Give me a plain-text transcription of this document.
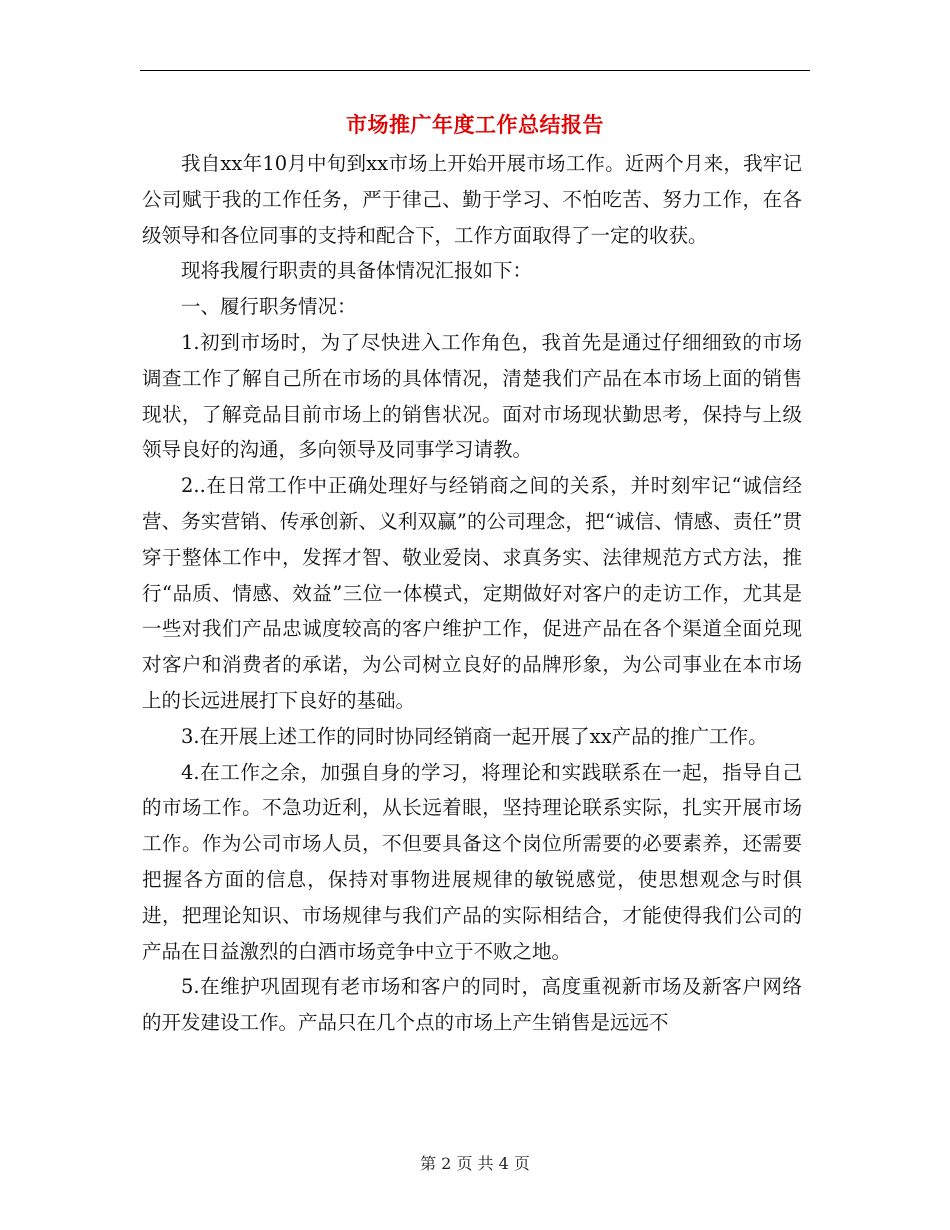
市场推广年度工作总结报告

我自xx年10月中旬到xx市场上开始开展市场工作。近两个月来，我牢记公司赋于我的工作任务，严于律己、勤于学习、不怕吃苦、努力工作，在各级领导和各位同事的支持和配合下，工作方面取得了一定的收获。

现将我履行职责的具备体情况汇报如下：

一、履行职务情况：

1.初到市场时，为了尽快进入工作角色，我首先是通过仔细细致的市场调查工作了解自己所在市场的具体情况，清楚我们产品在本市场上面的销售现状，了解竞品目前市场上的销售状况。面对市场现状勤思考，保持与上级领导良好的沟通，多向领导及同事学习请教。

2..在日常工作中正确处理好与经销商之间的关系，并时刻牢记“诚信经营、务实营销、传承创新、义利双赢”的公司理念，把“诚信、情感、责任”贯穿于整体工作中，发挥才智、敬业爱岗、求真务实、法律规范方式方法，推行“品质、情感、效益”三位一体模式，定期做好对客户的走访工作，尤其是一些对我们产品忠诚度较高的客户维护工作，促进产品在各个渠道全面兑现对客户和消费者的承诺，为公司树立良好的品牌形象，为公司事业在本市场上的长远进展打下良好的基础。

3.在开展上述工作的同时协同经销商一起开展了xx产品的推广工作。

4.在工作之余，加强自身的学习，将理论和实践联系在一起，指导自己的市场工作。不急功近利，从长远着眼，坚持理论联系实际，扎实开展市场工作。作为公司市场人员，不但要具备这个岗位所需要的必要素养，还需要把握各方面的信息，保持对事物进展规律的敏锐感觉，使思想观念与时俱进，把理论知识、市场规律与我们产品的实际相结合，才能使得我们公司的产品在日益激烈的白酒市场竞争中立于不败之地。

5.在维护巩固现有老市场和客户的同时，高度重视新市场及新客户网络的开发建设工作。产品只在几个点的市场上产生销售是远远不

第 2 页 共 4 页
